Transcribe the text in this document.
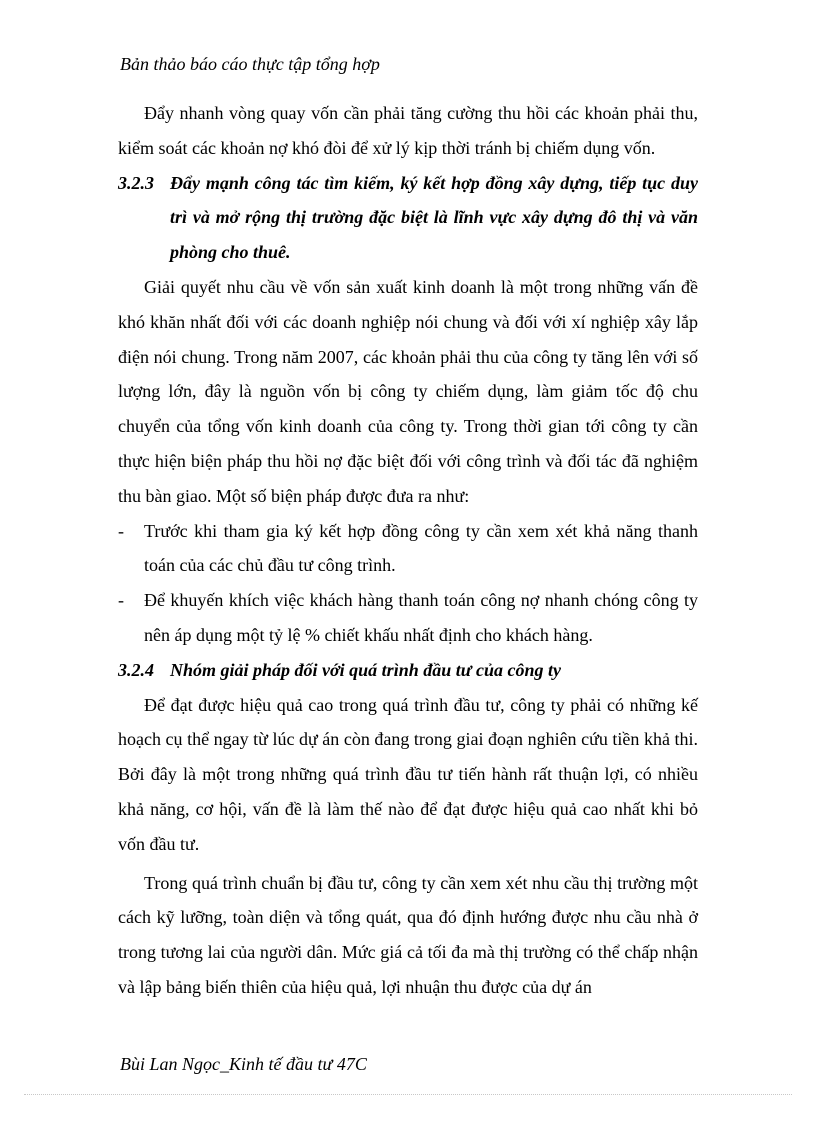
Bản thảo báo cáo thực tập tổng hợp

Đẩy nhanh vòng quay vốn cần phải tăng cường thu hồi các khoản phải thu, kiểm soát các khoản nợ khó đòi để xử lý kịp thời tránh bị chiếm dụng vốn.

3.2.3 Đẩy mạnh công tác tìm kiếm, ký kết hợp đồng xây dựng, tiếp tục duy trì và mở rộng thị trường đặc biệt là lĩnh vực xây dựng đô thị và văn phòng cho thuê.

Giải quyết nhu cầu về vốn sản xuất kinh doanh là một trong những vấn đề khó khăn nhất đối với các doanh nghiệp nói chung và đối với xí nghiệp xây lắp điện nói chung. Trong năm 2007, các khoản phải thu của công ty tăng lên với số lượng lớn, đây là nguồn vốn bị công ty chiếm dụng, làm giảm tốc độ chu chuyển của tổng vốn kinh doanh của công ty. Trong thời gian tới công ty cần thực hiện biện pháp thu hồi nợ đặc biệt đối với công trình và đối tác đã nghiệm thu bàn giao. Một số biện pháp được đưa ra như:

-	Trước khi tham gia ký kết hợp đồng công ty cần xem xét khả năng thanh toán của các chủ đầu tư công trình.
-	Để khuyến khích việc khách hàng thanh toán công nợ nhanh chóng công ty nên áp dụng một tỷ lệ % chiết khấu nhất định cho khách hàng.
3.2.4 Nhóm giải pháp đối với quá trình đầu tư của công ty

Để đạt được hiệu quả cao trong quá trình đầu tư, công ty phải có những kế hoạch cụ thể ngay từ lúc dự án còn đang trong giai đoạn nghiên cứu tiền khả thi. Bởi đây là một trong những quá trình đầu tư tiến hành rất thuận lợi, có nhiều khả năng, cơ hội, vấn đề là làm thế nào để đạt được hiệu quả cao nhất khi bỏ vốn đầu tư.

Trong quá trình chuẩn bị đầu tư, công ty cần xem xét nhu cầu thị trường một cách kỹ lưỡng, toàn diện và tổng quát, qua đó định hướng được nhu cầu nhà ở trong tương lai của người dân. Mức giá cả tối đa mà thị trường có thể chấp nhận và lập bảng biến thiên của hiệu quả, lợi nhuận thu được của dự án

Bùi Lan Ngọc_Kinh tế đầu tư 47C
